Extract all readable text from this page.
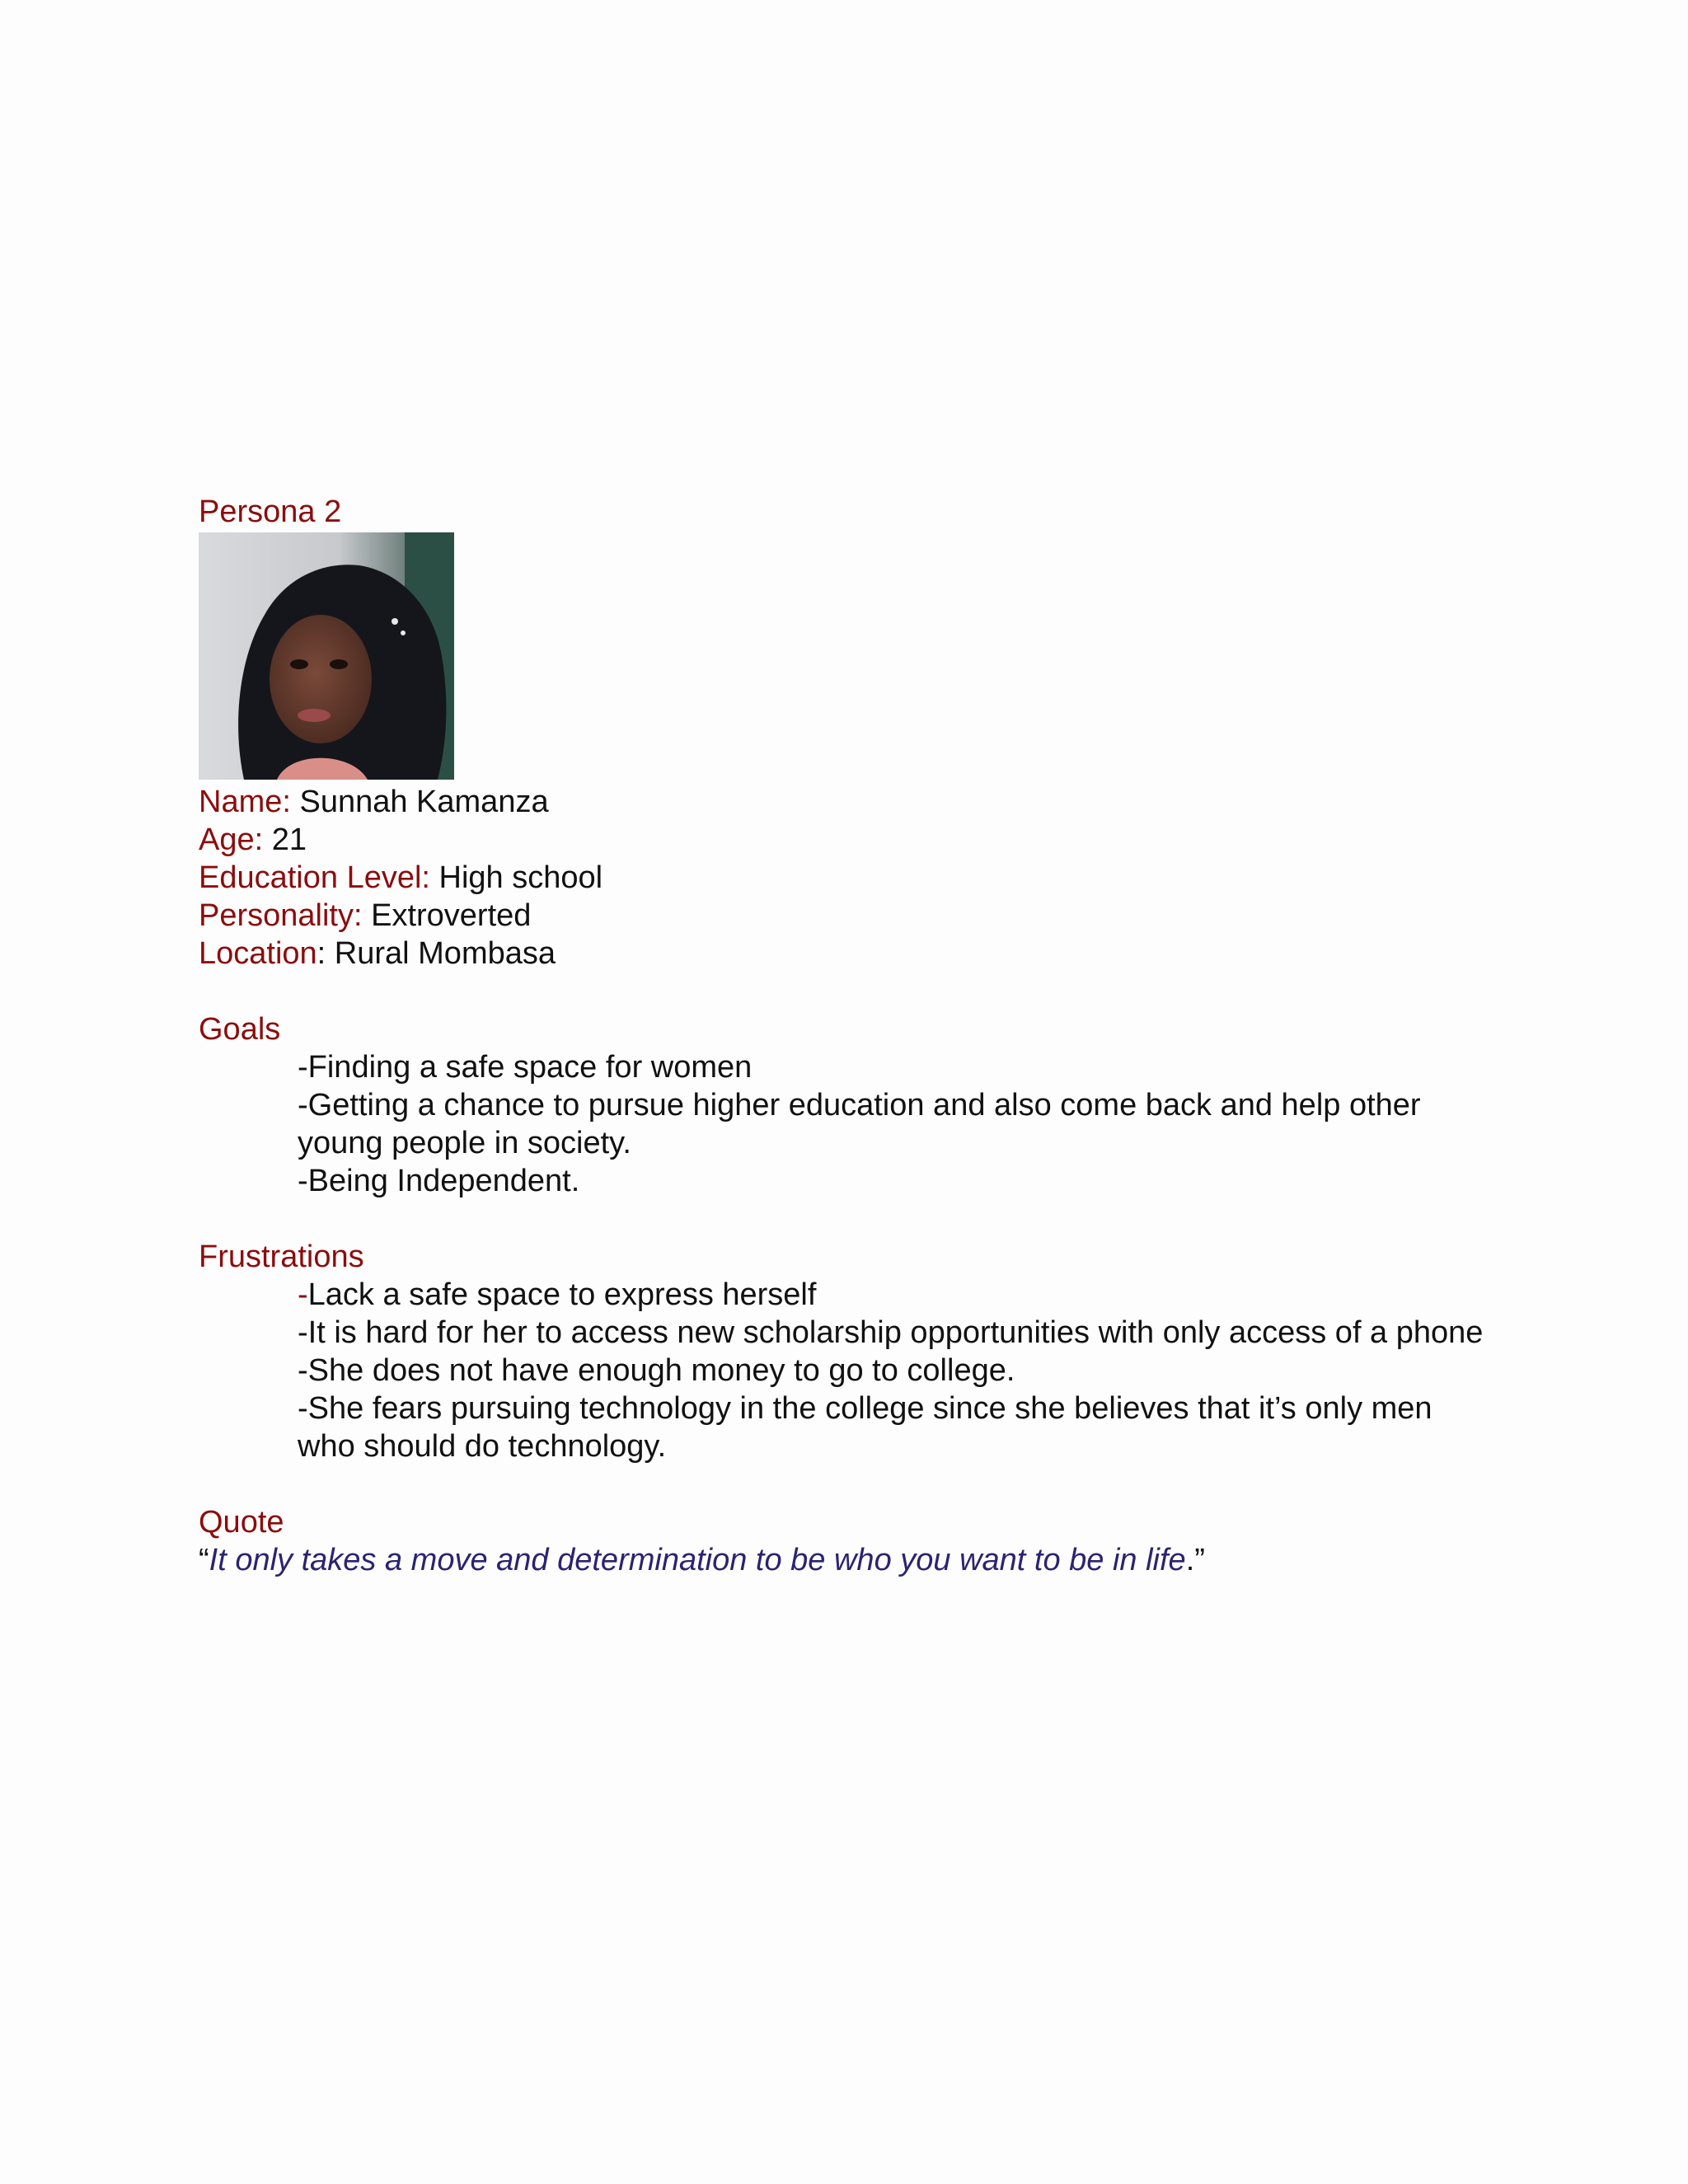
Persona 2
Name: Sunnah Kamanza
Age: 21
Education Level: High school
Personality: Extroverted
Location: Rural Mombasa
Goals
-Finding a safe space for women
-Getting a chance to pursue higher education and also come back and help other young people in society.
-Being Independent.
Frustrations
-Lack a safe space to express herself
-It is hard for her to access new scholarship opportunities with only access of a phone
-She does not have enough money to go to college.
-She fears pursuing technology in the college since she believes that it’s only men who should do technology.
Quote
“It only takes a move and determination to be who you want to be in life.”
